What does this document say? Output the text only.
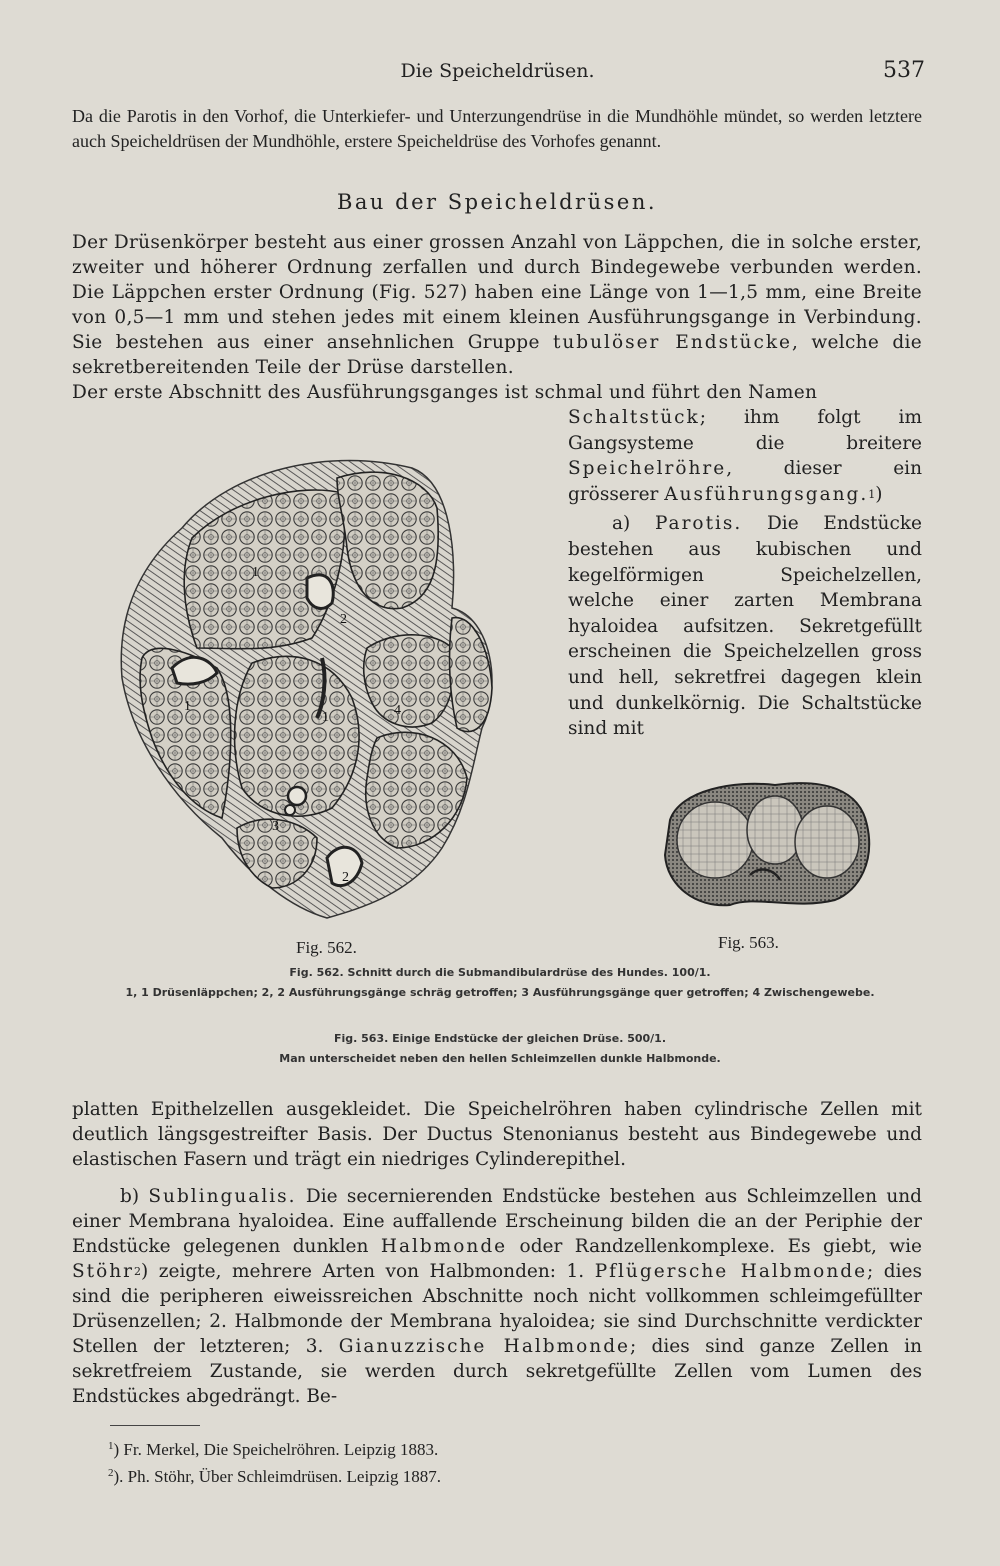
Die Speicheldrüsen.	537

Da die Parotis in den Vorhof, die Unterkiefer- und Unterzungendrüse in die Mundhöhle mündet, so werden letztere auch Speicheldrüsen der Mundhöhle, erstere Speicheldrüse des Vorhofes genannt.

Bau der Speicheldrüsen.

Der Drüsenkörper besteht aus einer grossen Anzahl von Läppchen, die in solche erster, zweiter und höherer Ordnung zerfallen und durch Bindegewebe verbunden werden. Die Läppchen erster Ordnung (Fig. 527) haben eine Länge von 1—1,5 mm, eine Breite von 0,5—1 mm und stehen jedes mit einem kleinen Ausführungsgange in Verbindung. Sie bestehen aus einer ansehnlichen Gruppe tubulöser Endstücke, welche die sekretbereitenden Teile der Drüse darstellen.
Der erste Abschnitt des Ausführungsganges ist schmal und führt den Namen

Schaltstück; ihm folgt im Gangsysteme die breitere Speichelröhre, dieser ein grösserer Ausführungsgang.$^1$)
a) Parotis. Die Endstücke bestehen aus kubischen und kegelförmigen Speichelzellen, welche einer zarten Membrana hyaloidea aufsitzen. Sekretgefüllt erscheinen die Speichelzellen gross und hell, sekretfrei dagegen klein und dunkelkörnig. Die Schaltstücke sind mit
1
1
1
2
2
3
4
Fig. 562.	Fig. 563.
Fig. 562. Schnitt durch die Submandibulardrüse des Hundes. 100/1.
1, 1 Drüsenläppchen; 2, 2 Ausführungsgänge schräg getroffen; 3 Ausführungsgänge quer getroffen; 4 Zwischengewebe.
Fig. 563. Einige Endstücke der gleichen Drüse. 500/1.
Man unterscheidet neben den hellen Schleimzellen dunkle Halbmonde.

platten Epithelzellen ausgekleidet. Die Speichelröhren haben cylindrische Zellen mit deutlich längsgestreifter Basis. Der Ductus Stenonianus besteht aus Bindegewebe und elastischen Fasern und trägt ein niedriges Cylinderepithel.

b) Sublingualis. Die secernierenden Endstücke bestehen aus Schleimzellen und einer Membrana hyaloidea. Eine auffallende Erscheinung bilden die an der Periphie der Endstücke gelegenen dunklen Halbmonde oder Randzellenkomplexe. Es giebt, wie Stöhr$^2$) zeigte, mehrere Arten von Halbmonden: 1. Pflügersche Halbmonde; dies sind die peripheren eiweissreichen Abschnitte noch nicht vollkommen schleimgefüllter Drüsenzellen; 2. Halbmonde der Membrana hyaloidea; sie sind Durchschnitte verdickter Stellen der letzteren; 3. Gianuzzische Halbmonde; dies sind ganze Zellen in sekretfreiem Zustande, sie werden durch sekretgefüllte Zellen vom Lumen des Endstückes abgedrängt. Be-

$^1$) Fr. Merkel, Die Speichelröhren. Leipzig 1883.
$^2$). Ph. Stöhr, Über Schleimdrüsen. Leipzig 1887.
